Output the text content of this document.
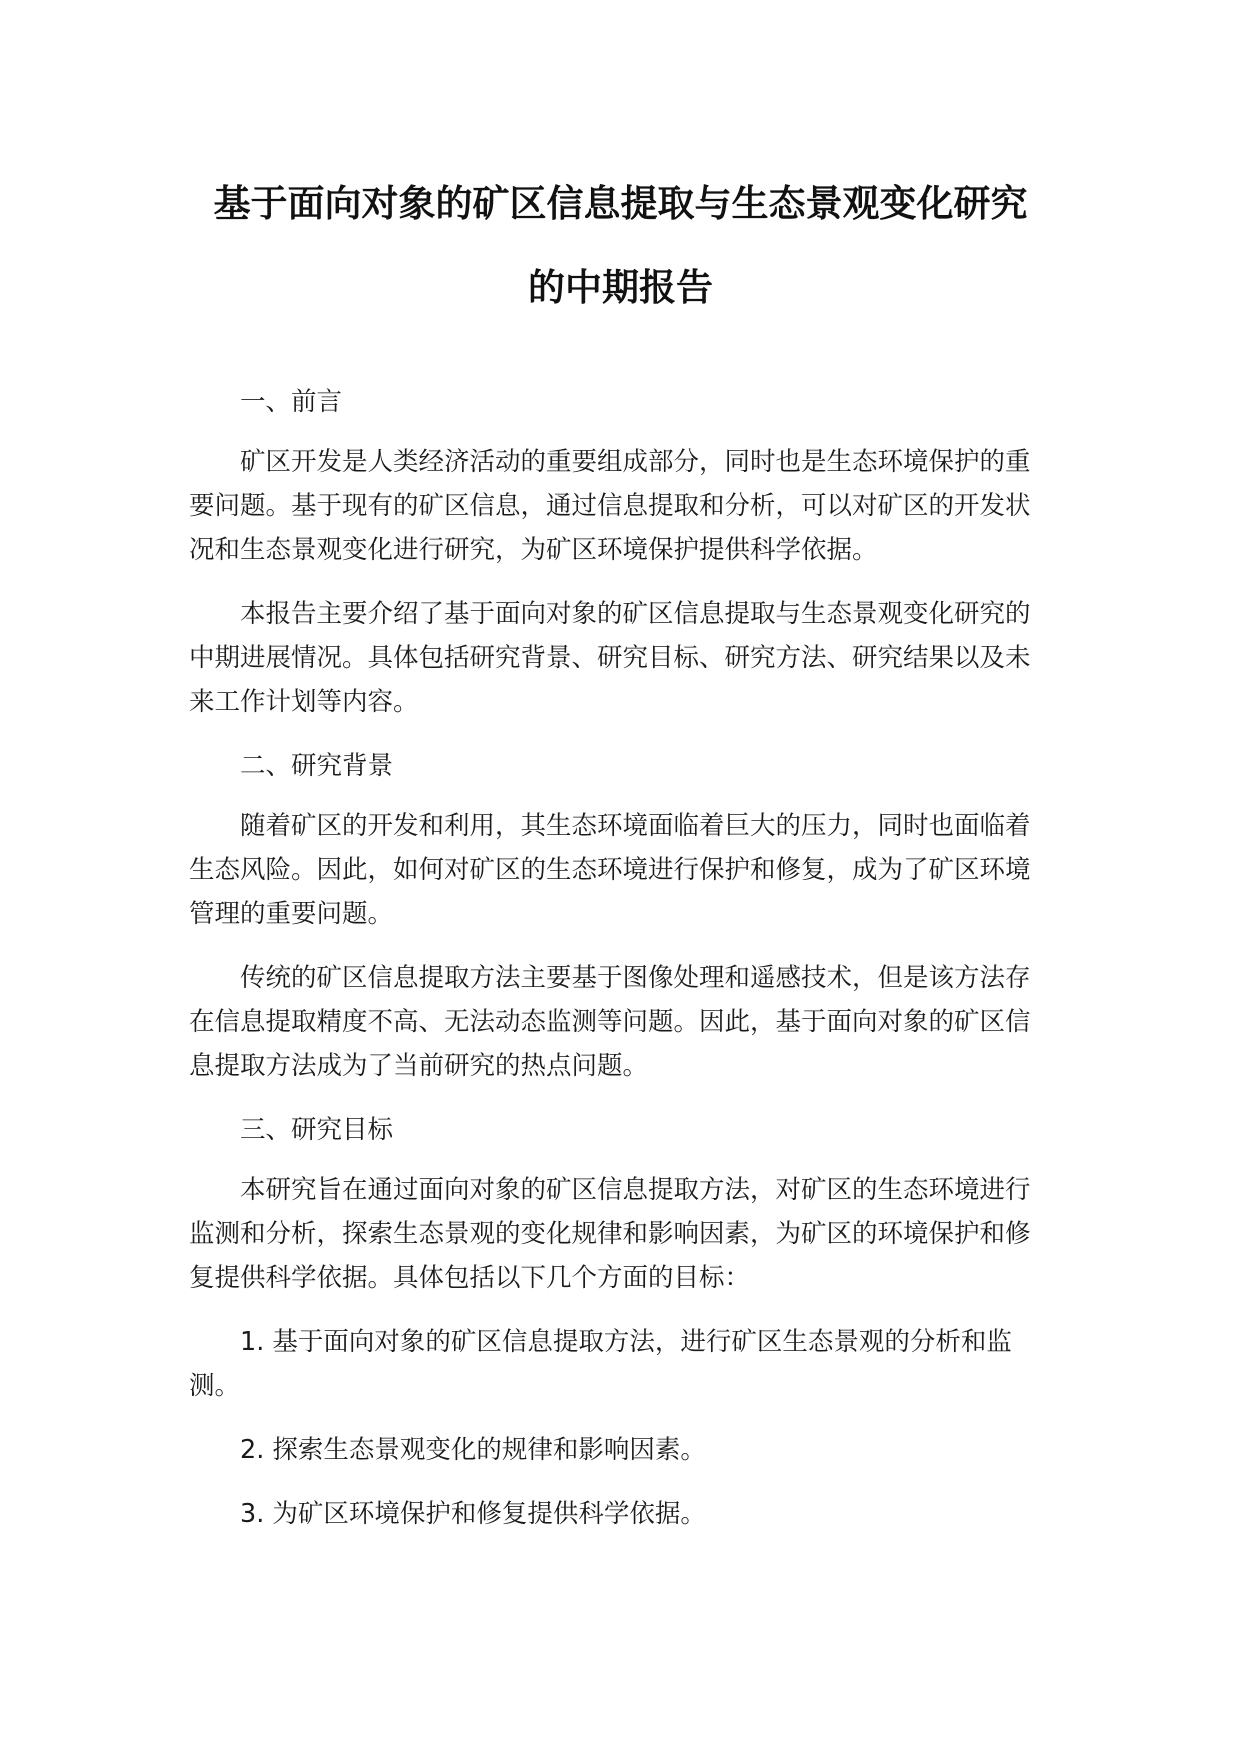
基于面向对象的矿区信息提取与生态景观变化研究
的中期报告

一、前言

矿区开发是人类经济活动的重要组成部分，同时也是生态环境保护的重要问题。基于现有的矿区信息，通过信息提取和分析，可以对矿区的开发状况和生态景观变化进行研究，为矿区环境保护提供科学依据。

本报告主要介绍了基于面向对象的矿区信息提取与生态景观变化研究的中期进展情况。具体包括研究背景、研究目标、研究方法、研究结果以及未来工作计划等内容。

二、研究背景

随着矿区的开发和利用，其生态环境面临着巨大的压力，同时也面临着生态风险。因此，如何对矿区的生态环境进行保护和修复，成为了矿区环境管理的重要问题。

传统的矿区信息提取方法主要基于图像处理和遥感技术，但是该方法存在信息提取精度不高、无法动态监测等问题。因此，基于面向对象的矿区信息提取方法成为了当前研究的热点问题。

三、研究目标

本研究旨在通过面向对象的矿区信息提取方法，对矿区的生态环境进行监测和分析，探索生态景观的变化规律和影响因素，为矿区的环境保护和修复提供科学依据。具体包括以下几个方面的目标：

1. 基于面向对象的矿区信息提取方法，进行矿区生态景观的分析和监测。

2. 探索生态景观变化的规律和影响因素。

3. 为矿区环境保护和修复提供科学依据。
